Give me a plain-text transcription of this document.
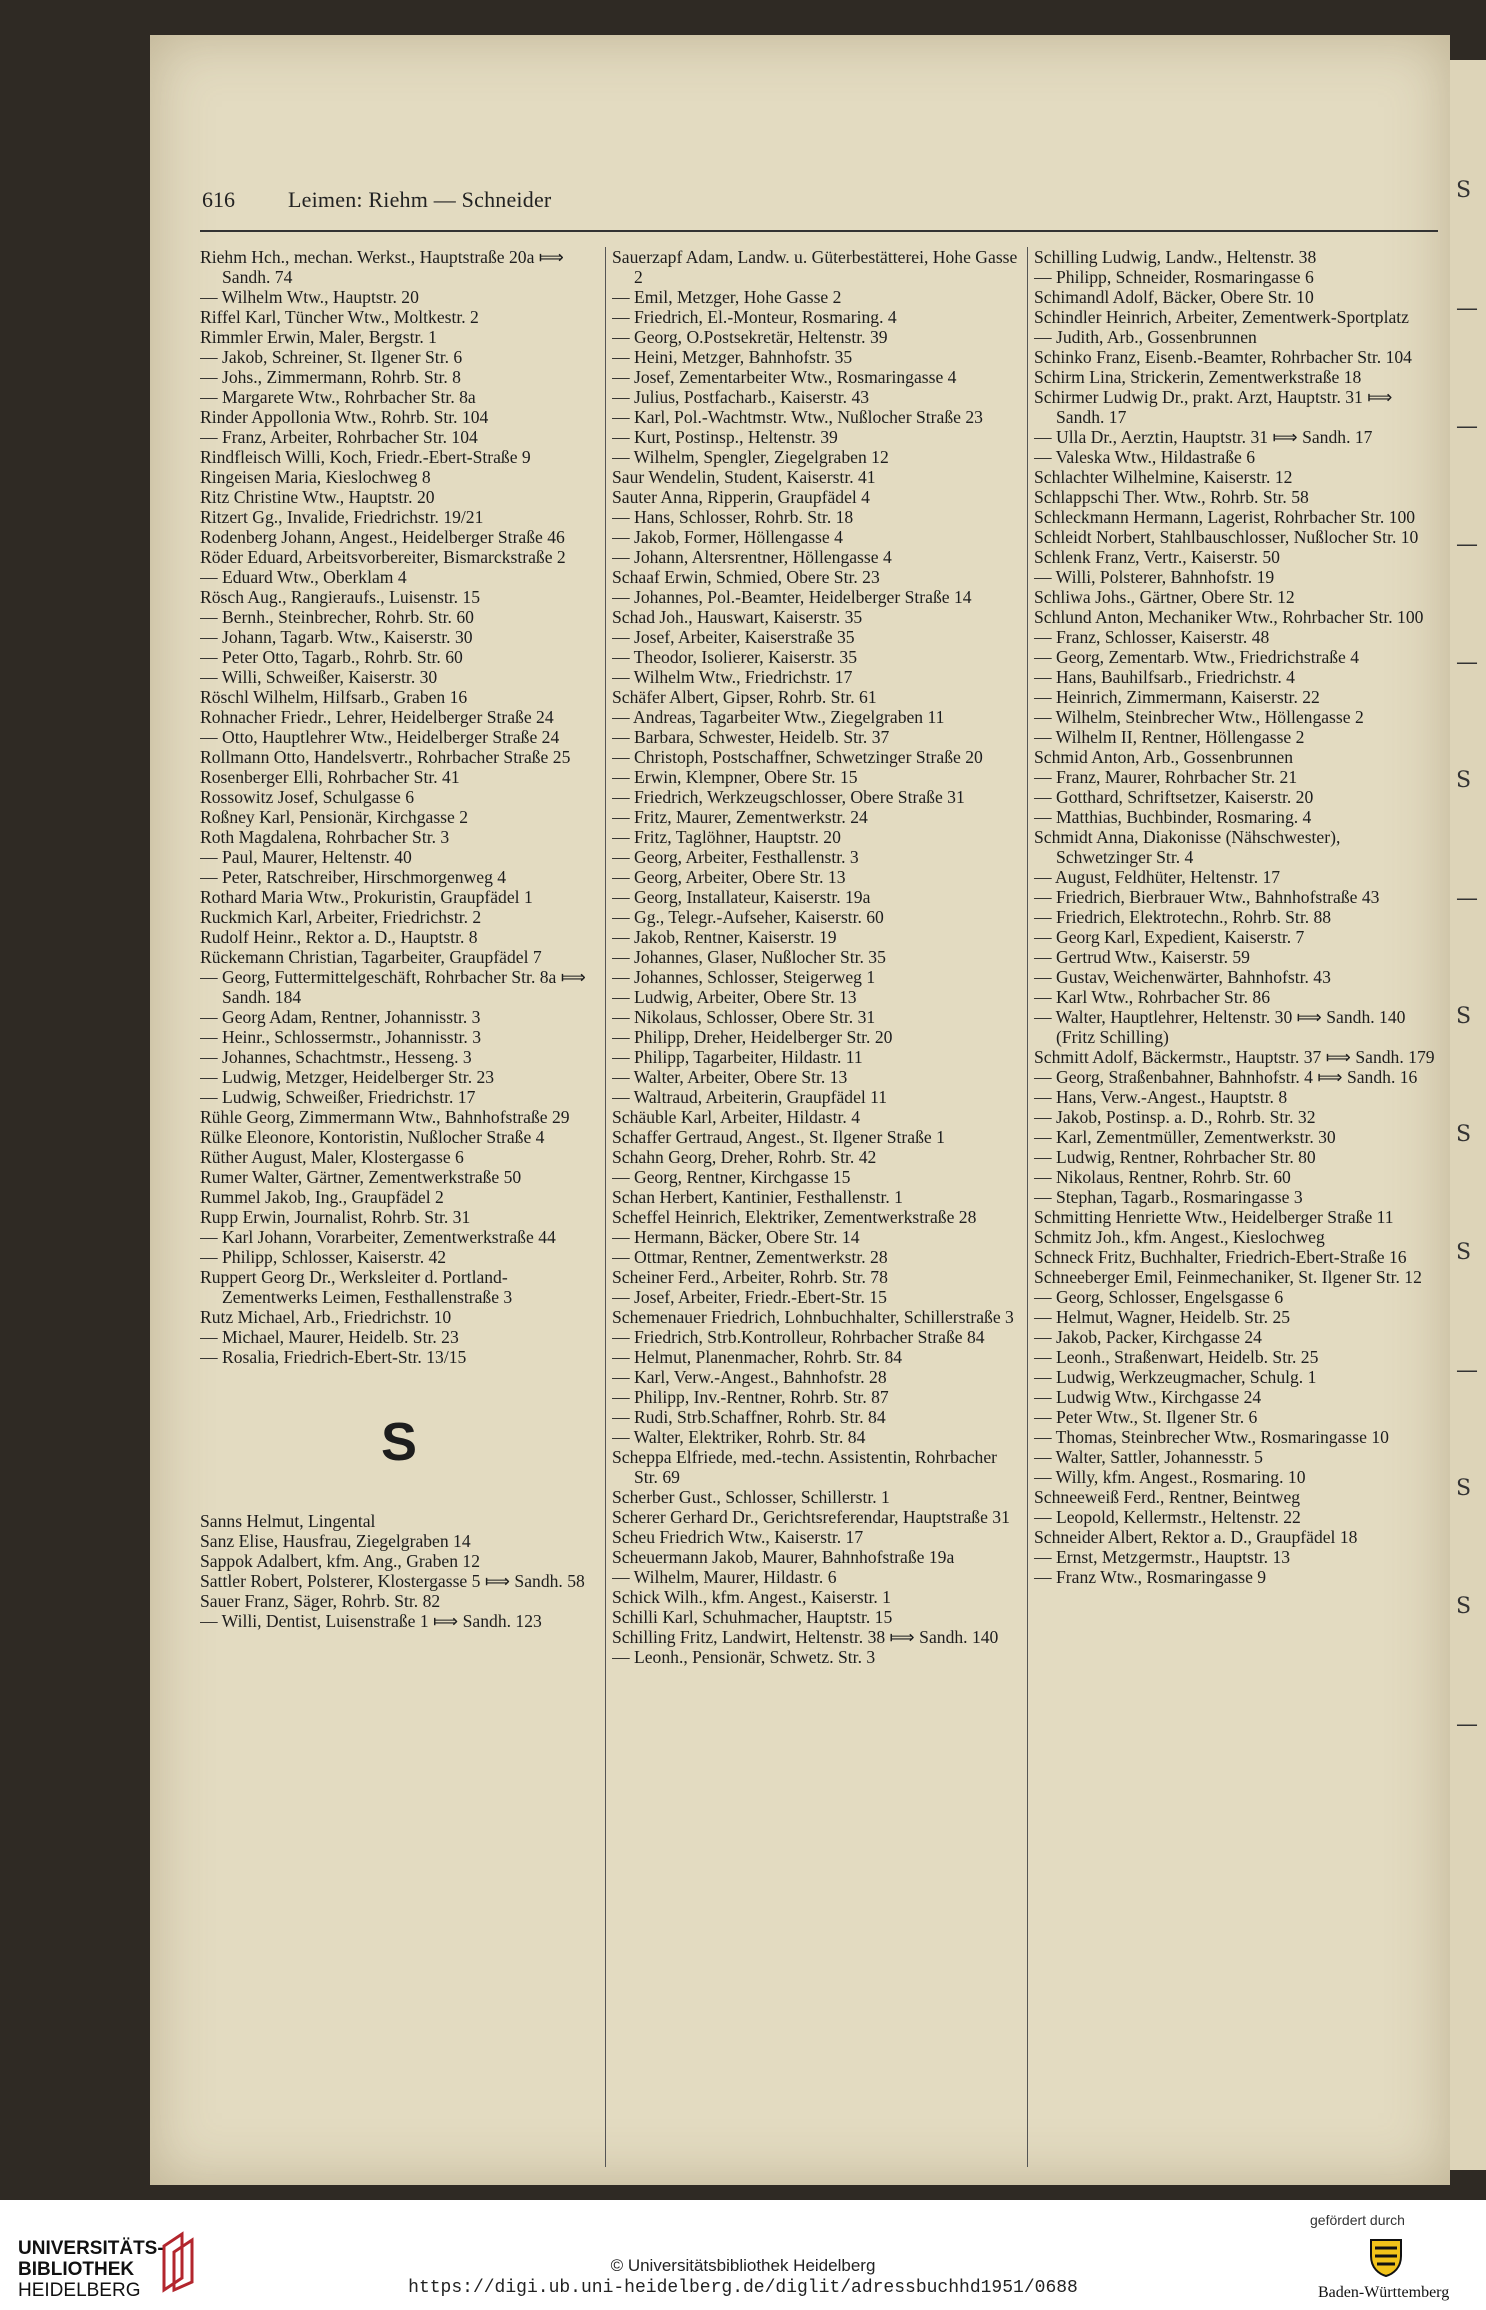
S
—
—
—
—
S
—
S
S
S
—
S
S
—
616 Leimen: Riehm — Schneider

Riehm Hch., mechan. Werkst., Hauptstraße 20a ⟾ Sandh. 74

— Wilhelm Wtw., Hauptstr. 20

Riffel Karl, Tüncher Wtw., Moltkestr. 2

Rimmler Erwin, Maler, Bergstr. 1

— Jakob, Schreiner, St. Ilgener Str. 6

— Johs., Zimmermann, Rohrb. Str. 8

— Margarete Wtw., Rohrbacher Str. 8a

Rinder Appollonia Wtw., Rohrb. Str. 104

— Franz, Arbeiter, Rohrbacher Str. 104

Rindfleisch Willi, Koch, Friedr.-Ebert-Straße 9

Ringeisen Maria, Kieslochweg 8

Ritz Christine Wtw., Hauptstr. 20

Ritzert Gg., Invalide, Friedrichstr. 19/21

Rodenberg Johann, Angest., Heidelberger Straße 46

Röder Eduard, Arbeitsvorbereiter, Bismarckstraße 2

— Eduard Wtw., Oberklam 4

Rösch Aug., Rangieraufs., Luisenstr. 15

— Bernh., Steinbrecher, Rohrb. Str. 60

— Johann, Tagarb. Wtw., Kaiserstr. 30

— Peter Otto, Tagarb., Rohrb. Str. 60

— Willi, Schweißer, Kaiserstr. 30

Röschl Wilhelm, Hilfsarb., Graben 16

Rohnacher Friedr., Lehrer, Heidelberger Straße 24

— Otto, Hauptlehrer Wtw., Heidelberger Straße 24

Rollmann Otto, Handelsvertr., Rohrbacher Straße 25

Rosenberger Elli, Rohrbacher Str. 41

Rossowitz Josef, Schulgasse 6

Roßney Karl, Pensionär, Kirchgasse 2

Roth Magdalena, Rohrbacher Str. 3

— Paul, Maurer, Heltenstr. 40

— Peter, Ratschreiber, Hirschmorgenweg 4

Rothard Maria Wtw., Prokuristin, Graupfädel 1

Ruckmich Karl, Arbeiter, Friedrichstr. 2

Rudolf Heinr., Rektor a. D., Hauptstr. 8

Rückemann Christian, Tagarbeiter, Graupfädel 7

— Georg, Futtermittelgeschäft, Rohrbacher Str. 8a ⟾ Sandh. 184

— Georg Adam, Rentner, Johannisstr. 3

— Heinr., Schlossermstr., Johannisstr. 3

— Johannes, Schachtmstr., Hesseng. 3

— Ludwig, Metzger, Heidelberger Str. 23

— Ludwig, Schweißer, Friedrichstr. 17

Rühle Georg, Zimmermann Wtw., Bahnhofstraße 29

Rülke Eleonore, Kontoristin, Nußlocher Straße 4

Rüther August, Maler, Klostergasse 6

Rumer Walter, Gärtner, Zementwerkstraße 50

Rummel Jakob, Ing., Graupfädel 2

Rupp Erwin, Journalist, Rohrb. Str. 31

— Karl Johann, Vorarbeiter, Zementwerkstraße 44

— Philipp, Schlosser, Kaiserstr. 42

Ruppert Georg Dr., Werksleiter d. Portland-Zementwerks Leimen, Festhallenstraße 3

Rutz Michael, Arb., Friedrichstr. 10

— Michael, Maurer, Heidelb. Str. 23

— Rosalia, Friedrich-Ebert-Str. 13/15

S

Sanns Helmut, Lingental

Sanz Elise, Hausfrau, Ziegelgraben 14

Sappok Adalbert, kfm. Ang., Graben 12

Sattler Robert, Polsterer, Klostergasse 5 ⟾ Sandh. 58

Sauer Franz, Säger, Rohrb. Str. 82

— Willi, Dentist, Luisenstraße 1 ⟾ Sandh. 123

Sauerzapf Adam, Landw. u. Güterbestätterei, Hohe Gasse 2

— Emil, Metzger, Hohe Gasse 2

— Friedrich, El.-Monteur, Rosmaring. 4

— Georg, O.Postsekretär, Heltenstr. 39

— Heini, Metzger, Bahnhofstr. 35

— Josef, Zementarbeiter Wtw., Rosmaringasse 4

— Julius, Postfacharb., Kaiserstr. 43

— Karl, Pol.-Wachtmstr. Wtw., Nußlocher Straße 23

— Kurt, Postinsp., Heltenstr. 39

— Wilhelm, Spengler, Ziegelgraben 12

Saur Wendelin, Student, Kaiserstr. 41

Sauter Anna, Ripperin, Graupfädel 4

— Hans, Schlosser, Rohrb. Str. 18

— Jakob, Former, Höllengasse 4

— Johann, Altersrentner, Höllengasse 4

Schaaf Erwin, Schmied, Obere Str. 23

— Johannes, Pol.-Beamter, Heidelberger Straße 14

Schad Joh., Hauswart, Kaiserstr. 35

— Josef, Arbeiter, Kaiserstraße 35

— Theodor, Isolierer, Kaiserstr. 35

— Wilhelm Wtw., Friedrichstr. 17

Schäfer Albert, Gipser, Rohrb. Str. 61

— Andreas, Tagarbeiter Wtw., Ziegelgraben 11

— Barbara, Schwester, Heidelb. Str. 37

— Christoph, Postschaffner, Schwetzinger Straße 20

— Erwin, Klempner, Obere Str. 15

— Friedrich, Werkzeugschlosser, Obere Straße 31

— Fritz, Maurer, Zementwerkstr. 24

— Fritz, Taglöhner, Hauptstr. 20

— Georg, Arbeiter, Festhallenstr. 3

— Georg, Arbeiter, Obere Str. 13

— Georg, Installateur, Kaiserstr. 19a

— Gg., Telegr.-Aufseher, Kaiserstr. 60

— Jakob, Rentner, Kaiserstr. 19

— Johannes, Glaser, Nußlocher Str. 35

— Johannes, Schlosser, Steigerweg 1

— Ludwig, Arbeiter, Obere Str. 13

— Nikolaus, Schlosser, Obere Str. 31

— Philipp, Dreher, Heidelberger Str. 20

— Philipp, Tagarbeiter, Hildastr. 11

— Walter, Arbeiter, Obere Str. 13

— Waltraud, Arbeiterin, Graupfädel 11

Schäuble Karl, Arbeiter, Hildastr. 4

Schaffer Gertraud, Angest., St. Ilgener Straße 1

Schahn Georg, Dreher, Rohrb. Str. 42

— Georg, Rentner, Kirchgasse 15

Schan Herbert, Kantinier, Festhallenstr. 1

Scheffel Heinrich, Elektriker, Zementwerkstraße 28

— Hermann, Bäcker, Obere Str. 14

— Ottmar, Rentner, Zementwerkstr. 28

Scheiner Ferd., Arbeiter, Rohrb. Str. 78

— Josef, Arbeiter, Friedr.-Ebert-Str. 15

Schemenauer Friedrich, Lohnbuchhalter, Schillerstraße 3

— Friedrich, Strb.Kontrolleur, Rohrbacher Straße 84

— Helmut, Planenmacher, Rohrb. Str. 84

— Karl, Verw.-Angest., Bahnhofstr. 28

— Philipp, Inv.-Rentner, Rohrb. Str. 87

— Rudi, Strb.Schaffner, Rohrb. Str. 84

— Walter, Elektriker, Rohrb. Str. 84

Scheppa Elfriede, med.-techn. Assistentin, Rohrbacher Str. 69

Scherber Gust., Schlosser, Schillerstr. 1

Scherer Gerhard Dr., Gerichtsreferendar, Hauptstraße 31

Scheu Friedrich Wtw., Kaiserstr. 17

Scheuermann Jakob, Maurer, Bahnhofstraße 19a

— Wilhelm, Maurer, Hildastr. 6

Schick Wilh., kfm. Angest., Kaiserstr. 1

Schilli Karl, Schuhmacher, Hauptstr. 15

Schilling Fritz, Landwirt, Heltenstr. 38 ⟾ Sandh. 140

— Leonh., Pensionär, Schwetz. Str. 3

Schilling Ludwig, Landw., Heltenstr. 38

— Philipp, Schneider, Rosmaringasse 6

Schimandl Adolf, Bäcker, Obere Str. 10

Schindler Heinrich, Arbeiter, Zementwerk-Sportplatz

— Judith, Arb., Gossenbrunnen

Schinko Franz, Eisenb.-Beamter, Rohrbacher Str. 104

Schirm Lina, Strickerin, Zementwerkstraße 18

Schirmer Ludwig Dr., prakt. Arzt, Hauptstr. 31 ⟾ Sandh. 17

— Ulla Dr., Aerztin, Hauptstr. 31 ⟾ Sandh. 17

— Valeska Wtw., Hildastraße 6

Schlachter Wilhelmine, Kaiserstr. 12

Schlappschi Ther. Wtw., Rohrb. Str. 58

Schleckmann Hermann, Lagerist, Rohrbacher Str. 100

Schleidt Norbert, Stahlbauschlosser, Nußlocher Str. 10

Schlenk Franz, Vertr., Kaiserstr. 50

— Willi, Polsterer, Bahnhofstr. 19

Schliwa Johs., Gärtner, Obere Str. 12

Schlund Anton, Mechaniker Wtw., Rohrbacher Str. 100

— Franz, Schlosser, Kaiserstr. 48

— Georg, Zementarb. Wtw., Friedrichstraße 4

— Hans, Bauhilfsarb., Friedrichstr. 4

— Heinrich, Zimmermann, Kaiserstr. 22

— Wilhelm, Steinbrecher Wtw., Höllengasse 2

— Wilhelm II, Rentner, Höllengasse 2

Schmid Anton, Arb., Gossenbrunnen

— Franz, Maurer, Rohrbacher Str. 21

— Gotthard, Schriftsetzer, Kaiserstr. 20

— Matthias, Buchbinder, Rosmaring. 4

Schmidt Anna, Diakonisse (Nähschwester), Schwetzinger Str. 4

— August, Feldhüter, Heltenstr. 17

— Friedrich, Bierbrauer Wtw., Bahnhofstraße 43

— Friedrich, Elektrotechn., Rohrb. Str. 88

— Georg Karl, Expedient, Kaiserstr. 7

— Gertrud Wtw., Kaiserstr. 59

— Gustav, Weichenwärter, Bahnhofstr. 43

— Karl Wtw., Rohrbacher Str. 86

— Walter, Hauptlehrer, Heltenstr. 30 ⟾ Sandh. 140 (Fritz Schilling)

Schmitt Adolf, Bäckermstr., Hauptstr. 37 ⟾ Sandh. 179

— Georg, Straßenbahner, Bahnhofstr. 4 ⟾ Sandh. 16

— Hans, Verw.-Angest., Hauptstr. 8

— Jakob, Postinsp. a. D., Rohrb. Str. 32

— Karl, Zementmüller, Zementwerkstr. 30

— Ludwig, Rentner, Rohrbacher Str. 80

— Nikolaus, Rentner, Rohrb. Str. 60

— Stephan, Tagarb., Rosmaringasse 3

Schmitting Henriette Wtw., Heidelberger Straße 11

Schmitz Joh., kfm. Angest., Kieslochweg

Schneck Fritz, Buchhalter, Friedrich-Ebert-Straße 16

Schneeberger Emil, Feinmechaniker, St. Ilgener Str. 12

— Georg, Schlosser, Engelsgasse 6

— Helmut, Wagner, Heidelb. Str. 25

— Jakob, Packer, Kirchgasse 24

— Leonh., Straßenwart, Heidelb. Str. 25

— Ludwig, Werkzeugmacher, Schulg. 1

— Ludwig Wtw., Kirchgasse 24

— Peter Wtw., St. Ilgener Str. 6

— Thomas, Steinbrecher Wtw., Rosmaringasse 10

— Walter, Sattler, Johannesstr. 5

— Willy, kfm. Angest., Rosmaring. 10

Schneeweiß Ferd., Rentner, Beintweg

— Leopold, Kellermstr., Heltenstr. 22

Schneider Albert, Rektor a. D., Graupfädel 18

— Ernst, Metzgermstr., Hauptstr. 13

— Franz Wtw., Rosmaringasse 9

UNIVERSITÄTS-
BIBLIOTHEK
HEIDELBERG
© Universitätsbibliothek Heidelberg
https://digi.ub.uni-heidelberg.de/diglit/adressbuchhd1951/0688
gefördert durch
Baden-Württemberg
